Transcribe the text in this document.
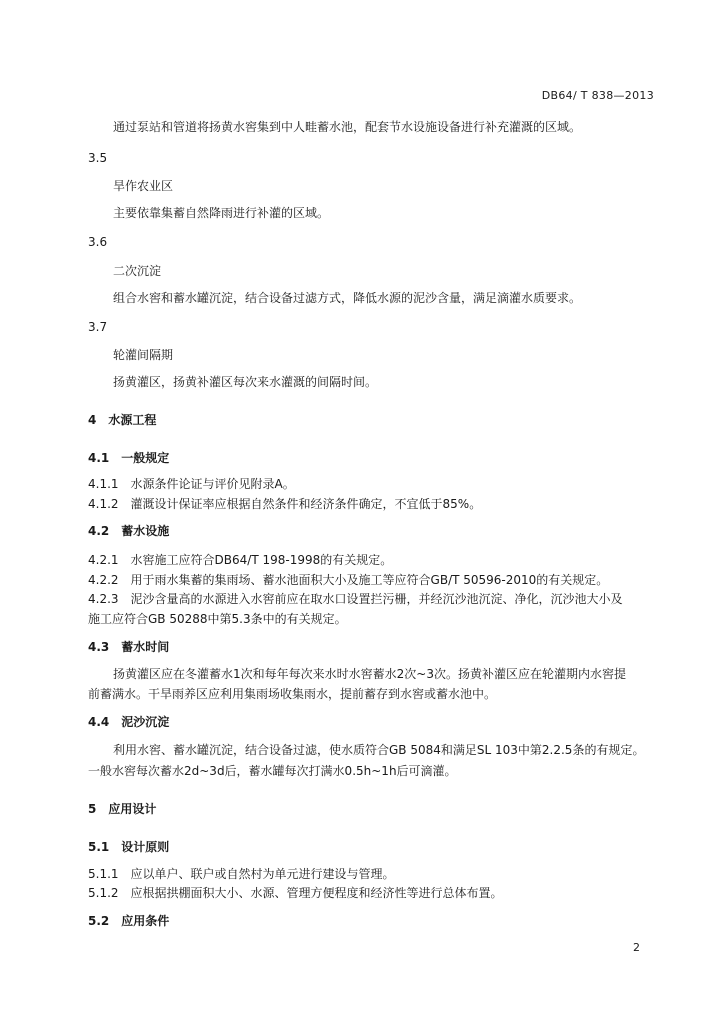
DB64/ T 838—2013
通过泵站和管道将扬黄水窖集到中人畦蓄水池，配套节水设施设备进行补充灌溉的区域。
3.5
旱作农业区
主要依靠集蓄自然降雨进行补灌的区域。
3.6
二次沉淀
组合水窖和蓄水罐沉淀，结合设备过滤方式，降低水源的泥沙含量，满足滴灌水质要求。
3.7
轮灌间隔期
扬黄灌区，扬黄补灌区每次来水灌溉的间隔时间。
4　水源工程
4.1　一般规定
4.1.1　水源条件论证与评价见附录A。
4.1.2　灌溉设计保证率应根据自然条件和经济条件确定，不宜低于85%。
4.2　蓄水设施
4.2.1　水窖施工应符合DB64/T 198-1998的有关规定。
4.2.2　用于雨水集蓄的集雨场、蓄水池面积大小及施工等应符合GB/T 50596-2010的有关规定。
4.2.3　泥沙含量高的水源进入水窖前应在取水口设置拦污栅，并经沉沙池沉淀、净化，沉沙池大小及
施工应符合GB 50288中第5.3条中的有关规定。
4.3　蓄水时间
扬黄灌区应在冬灌蓄水1次和每年每次来水时水窖蓄水2次~3次。扬黄补灌区应在轮灌期内水窖提
前蓄满水。干旱雨养区应利用集雨场收集雨水，提前蓄存到水窖或蓄水池中。
4.4　泥沙沉淀
利用水窖、蓄水罐沉淀，结合设备过滤，使水质符合GB 5084和满足SL 103中第2.2.5条的有规定。
一般水窖每次蓄水2d~3d后，蓄水罐每次打满水0.5h~1h后可滴灌。
5　应用设计
5.1　设计原则
5.1.1　应以单户、联户或自然村为单元进行建设与管理。
5.1.2　应根据拱棚面积大小、水源、管理方便程度和经济性等进行总体布置。
5.2　应用条件
2
